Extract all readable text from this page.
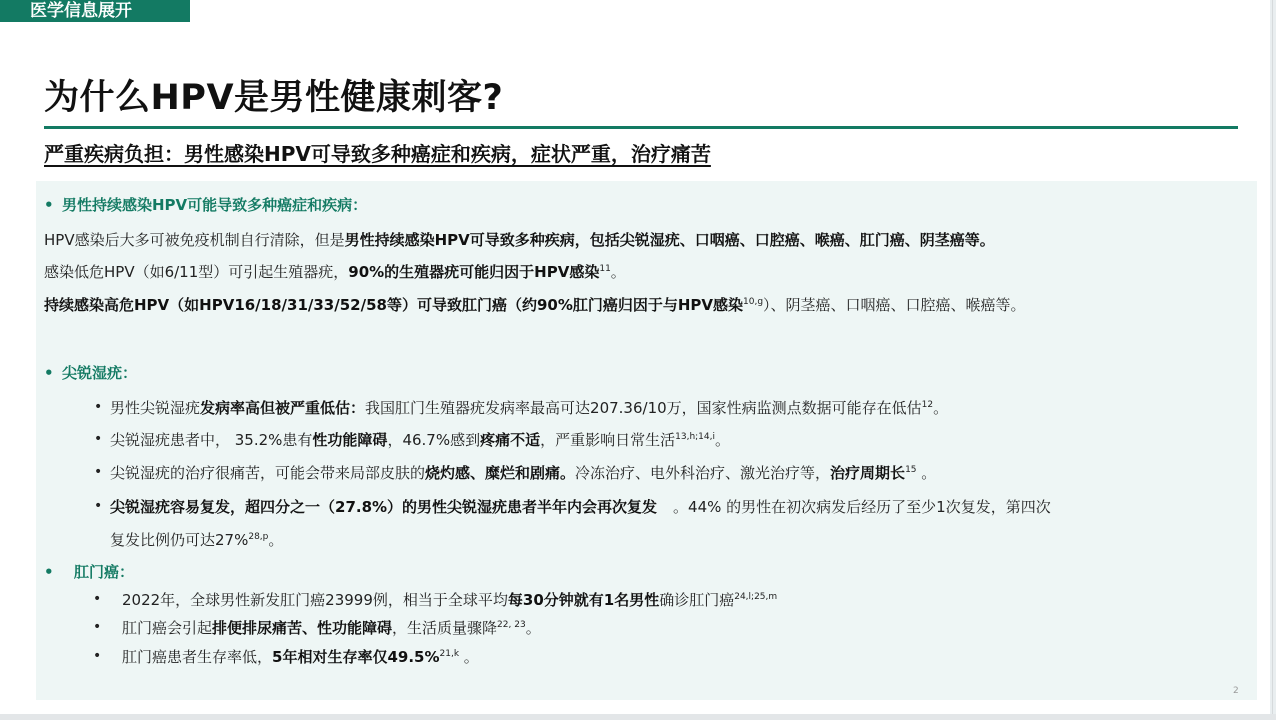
医学信息展开
为什么HPV是男性健康刺客?
严重疾病负担：男性感染HPV可导致多种癌症和疾病，症状严重，治疗痛苦
• 男性持续感染HPV可能导致多种癌症和疾病：
HPV感染后大多可被免疫机制自行清除，但是男性持续感染HPV可导致多种疾病，包括尖锐湿疣、口咽癌、口腔癌、喉癌、肛门癌、阴茎癌等。
感染低危HPV（如6/11型）可引起生殖器疣，90%的生殖器疣可能归因于HPV感染$^{11}$。
持续感染高危HPV（如HPV16/18/31/33/52/58等）可导致肛门癌（约90%肛门癌归因于与HPV感染$^{10,g}$）、阴茎癌、口咽癌、口腔癌、喉癌等。
• 尖锐湿疣：
• 男性尖锐湿疣发病率高但被严重低估：我国肛门生殖器疣发病率最高可达207.36/10万，国家性病监测点数据可能存在低估$^{12}$。
• 尖锐湿疣患者中， 35.2%患有性功能障碍，46.7%感到疼痛不适，严重影响日常生活$^{13,h;14,i}$。
• 尖锐湿疣的治疗很痛苦，可能会带来局部皮肤的烧灼感、糜烂和剧痛。冷冻治疗、电外科治疗、激光治疗等，治疗周期长$^{15}$ 。
• 尖锐湿疣容易复发，超四分之一（27.8%）的男性尖锐湿疣患者半年内会再次复发 。44% 的男性在初次病发后经历了至少1次复发，第四次
复发比例仍可达27%$^{28,p}$。
• 肛门癌：
• 2022年，全球男性新发肛门癌23999例，相当于全球平均每30分钟就有1名男性确诊肛门癌$^{24,l;25,m}$
• 肛门癌会引起排便排尿痛苦、性功能障碍，生活质量骤降$^{22, 23}$。
• 肛门癌患者生存率低，5年相对生存率仅49.5%$^{21,k}$ 。
2
